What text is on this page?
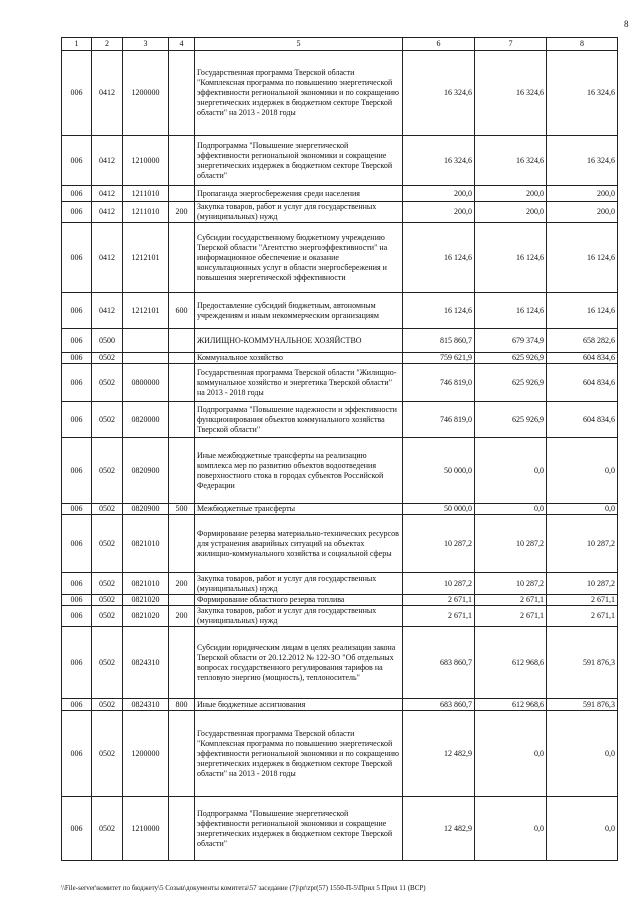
8
1	2	3	4	5	6	7	8
006	0412	1200000		Государственная программа Тверской области "Комплексная программа по повышению энергетической эффективности региональной экономики и по сокращению энергетических издержек в бюджетном секторе Тверской области" на 2013 - 2018 годы	16 324,6	16 324,6	16 324,6
006	0412	1210000		Подпрограмма "Повышение энергетической эффективности региональной экономики и сокращение энергетических издержек в бюджетном секторе Тверской области"	16 324,6	16 324,6	16 324,6
006	0412	1211010		Пропаганда энергосбережения среди населения	200,0	200,0	200,0
006	0412	1211010	200	Закупка товаров, работ и услуг для государственных (муниципальных) нужд	200,0	200,0	200,0
006	0412	1212101		Субсидии государственному бюджетному учреждению Тверской области "Агентство энергоэффективности" на информационное обеспечение и оказание консультационных услуг в области энергосбережения и повышения энергетической эффективности	16 124,6	16 124,6	16 124,6
006	0412	1212101	600	Предоставление субсидий бюджетным, автономным учреждениям и иным некоммерческим организациям	16 124,6	16 124,6	16 124,6
006	0500			ЖИЛИЩНО-КОММУНАЛЬНОЕ ХОЗЯЙСТВО	815 860,7	679 374,9	658 282,6
006	0502			Коммунальное хозяйство	759 621,9	625 926,9	604 834,6
006	0502	0800000		Государственная программа Тверской области "Жилищно-коммунальное хозяйство и энергетика Тверской области" на 2013 - 2018 годы	746 819,0	625 926,9	604 834,6
006	0502	0820000		Подпрограмма "Повышение надежности и эффективности функционирования объектов коммунального хозяйства Тверской области"	746 819,0	625 926,9	604 834,6
006	0502	0820900		Иные межбюджетные трансферты на реализацию комплекса мер по развитию объектов водоотведения поверхностного стока в городах субъектов Российской Федерации	50 000,0	0,0	0,0
006	0502	0820900	500	Межбюджетные трансферты	50 000,0	0,0	0,0
006	0502	0821010		Формирование резерва материально-технических ресурсов для устранения аварийных ситуаций на объектах жилищно-коммунального хозяйства и социальной сферы	10 287,2	10 287,2	10 287,2
006	0502	0821010	200	Закупка товаров, работ и услуг для государственных (муниципальных) нужд	10 287,2	10 287,2	10 287,2
006	0502	0821020		Формирование областного резерва топлива	2 671,1	2 671,1	2 671,1
006	0502	0821020	200	Закупка товаров, работ и услуг для государственных (муниципальных) нужд	2 671,1	2 671,1	2 671,1
006	0502	0824310		Субсидии юридическим лицам в целях реализации закона Тверской области от 20.12.2012 № 122-ЗО "Об отдельных вопросах государственного регулирования тарифов на тепловую энергию (мощность), теплоноситель"	683 860,7	612 968,6	591 876,3
006	0502	0824310	800	Иные бюджетные ассигнования	683 860,7	612 968,6	591 876,3
006	0502	1200000		Государственная программа Тверской области "Комплексная программа по повышению энергетической эффективности региональной экономики и по сокращению энергетических издержек в бюджетном секторе Тверской области" на 2013 - 2018 годы	12 482,9	0,0	0,0
006	0502	1210000		Подпрограмма "Повышение энергетической эффективности региональной экономики и сокращение энергетических издержек в бюджетном секторе Тверской области"	12 482,9	0,0	0,0
\\File-server\комитет по бюджету\5 Созыв\документы комитета\57 заседание (7)\pr\zpr(57) 1550-П-5\Прил 5 Прил 11 (ВСР)
